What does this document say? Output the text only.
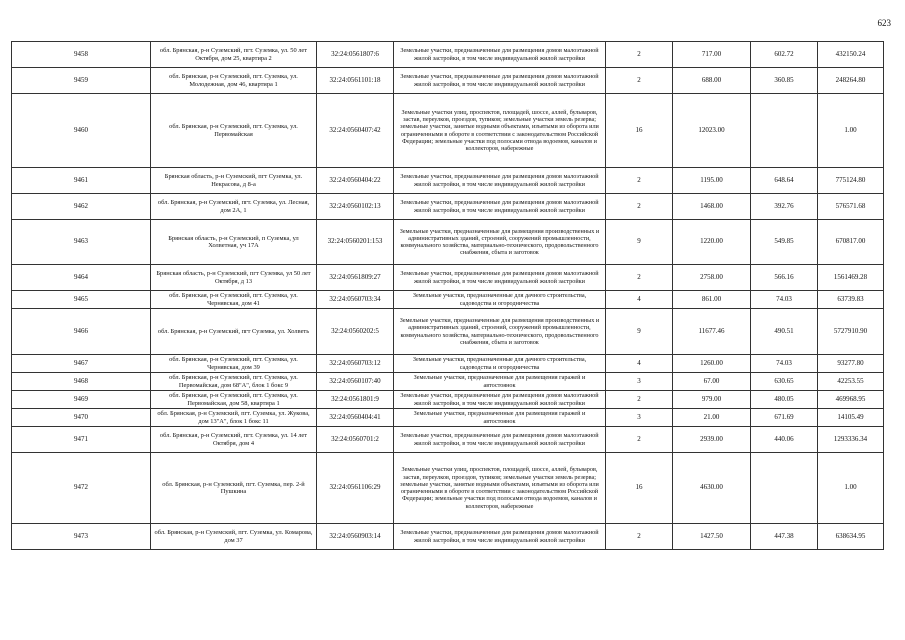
623
9458	обл. Брянская, р-н Суземский, пгт. Суземка, ул. 50 лет Октября, дом 25, квартира 2	32:24:0561807:6	Земельные участки, предназначенные для размещения домов малоэтажной жилой застройки, в том числе индивидуальной жилой застройки	2	717.00	602.72	432150.24
9459	обл. Брянская, р-н Суземский, пгт. Суземка, ул. Молодежная, дом 46, квартира 1	32:24:0561101:18	Земельные участки, предназначенные для размещения домов малоэтажной жилой застройки, в том числе индивидуальной жилой застройки	2	688.00	360.85	248264.80
9460	обл. Брянская, р-н Суземский, пгт. Суземка, ул. Первомайская	32:24:0560407:42	Земельные участки улиц, проспектов, площадей, шоссе, аллей, бульваров, застав, переулков, проездов, тупиков; земельные участки земель резерва; земельные участки, занятые водными объектами, изъятыми из оборота или ограниченными в обороте в соответствии с законодательством Российской Федерации; земельные участки под полосами отвода водоемов, каналов и коллекторов, набережные	16	12023.00		1.00
9461	Брянская область, р-н Суземский, пгт Суземка, ул. Некрасова, д 8-а	32:24:0560404:22	Земельные участки, предназначенные для размещения домов малоэтажной жилой застройки, в том числе индивидуальной жилой застройки	2	1195.00	648.64	775124.80
9462	обл. Брянская, р-н Суземский, пгт. Суземка, ул. Лесная, дом 2А, 1	32:24:0560102:13	Земельные участки, предназначенные для размещения домов малоэтажной жилой застройки, в том числе индивидуальной жилой застройки	2	1468.00	392.76	576571.68
9463	Брянская область, р-н Суземский, п Суземка, ул Холветная, уч 17А	32:24:0560201:153	Земельные участки, предназначенные для размещения производственных и административных зданий, строений, сооружений промышленности, коммунального хозяйства, материально-технического, продовольственного снабжения, сбыта и заготовок	9	1220.00	549.85	670817.00
9464	Брянская область, р-н Суземский, пгт Суземка, ул 50 лет Октября, д 13	32:24:0561809:27	Земельные участки, предназначенные для размещения домов малоэтажной жилой застройки, в том числе индивидуальной жилой застройки	2	2758.00	566.16	1561469.28
9465	обл. Брянская, р-н Суземский, пгт. Суземка, ул. Чернявская, дом 41	32:24:0560703:34	Земельные участки, предназначенные для дачного строительства, садоводства и огородничества	4	861.00	74.03	63739.83
9466	обл. Брянская, р-н Суземский, пгт Суземка, ул. Холветь	32:24:0560202:5	Земельные участки, предназначенные для размещения производственных и административных зданий, строений, сооружений промышленности, коммунального хозяйства, материально-технического, продовольственного снабжения, сбыта и заготовок	9	11677.46	490.51	5727910.90
9467	обл. Брянская, р-н Суземский, пгт. Суземка, ул. Чернявская, дом 39	32:24:0560703:12	Земельные участки, предназначенные для дачного строительства, садоводства и огородничества	4	1260.00	74.03	93277.80
9468	обл. Брянская, р-н Суземский, пгт. Суземка, ул. Первомайская, дом 68"А", блок 1 бокс 9	32:24:0560107:40	Земельные участки, предназначенные для размещения гаражей и автостоянок	3	67.00	630.65	42253.55
9469	обл. Брянская, р-н Суземский, пгт. Суземка, ул. Первомайская, дом 58, квартира 1	32:24:0561801:9	Земельные участки, предназначенные для размещения домов малоэтажной жилой застройки, в том числе индивидуальной жилой застройки	2	979.00	480.05	469968.95
9470	обл. Брянская, р-н Суземский, пгт. Суземка, ул. Жукова, дом 13"А", блок 1 бокс 11	32:24:0560404:41	Земельные участки, предназначенные для размещения гаражей и автостоянок	3	21.00	671.69	14105.49
9471	обл. Брянская, р-н Суземский, пгт. Суземка, ул. 14 лет Октября, дом 4	32:24:0560701:2	Земельные участки, предназначенные для размещения домов малоэтажной жилой застройки, в том числе индивидуальной жилой застройки	2	2939.00	440.06	1293336.34
9472	обл. Брянская, р-н Суземский, пгт. Суземка, пер. 2-й Пушкина	32:24:0561106:29	Земельные участки улиц, проспектов, площадей, шоссе, аллей, бульваров, застав, переулков, проездов, тупиков; земельные участки земель резерва; земельные участки, занятые водными объектами, изъятыми из оборота или ограниченными в обороте в соответствии с законодательством Российской Федерации; земельные участки под полосами отвода водоемов, каналов и коллекторов, набережные	16	4630.00		1.00
9473	обл. Брянская, р-н Суземский, пгт. Суземка, ул. Комарова, дом 37	32:24:0560903:14	Земельные участки, предназначенные для размещения домов малоэтажной жилой застройки, в том числе индивидуальной жилой застройки	2	1427.50	447.38	638634.95
